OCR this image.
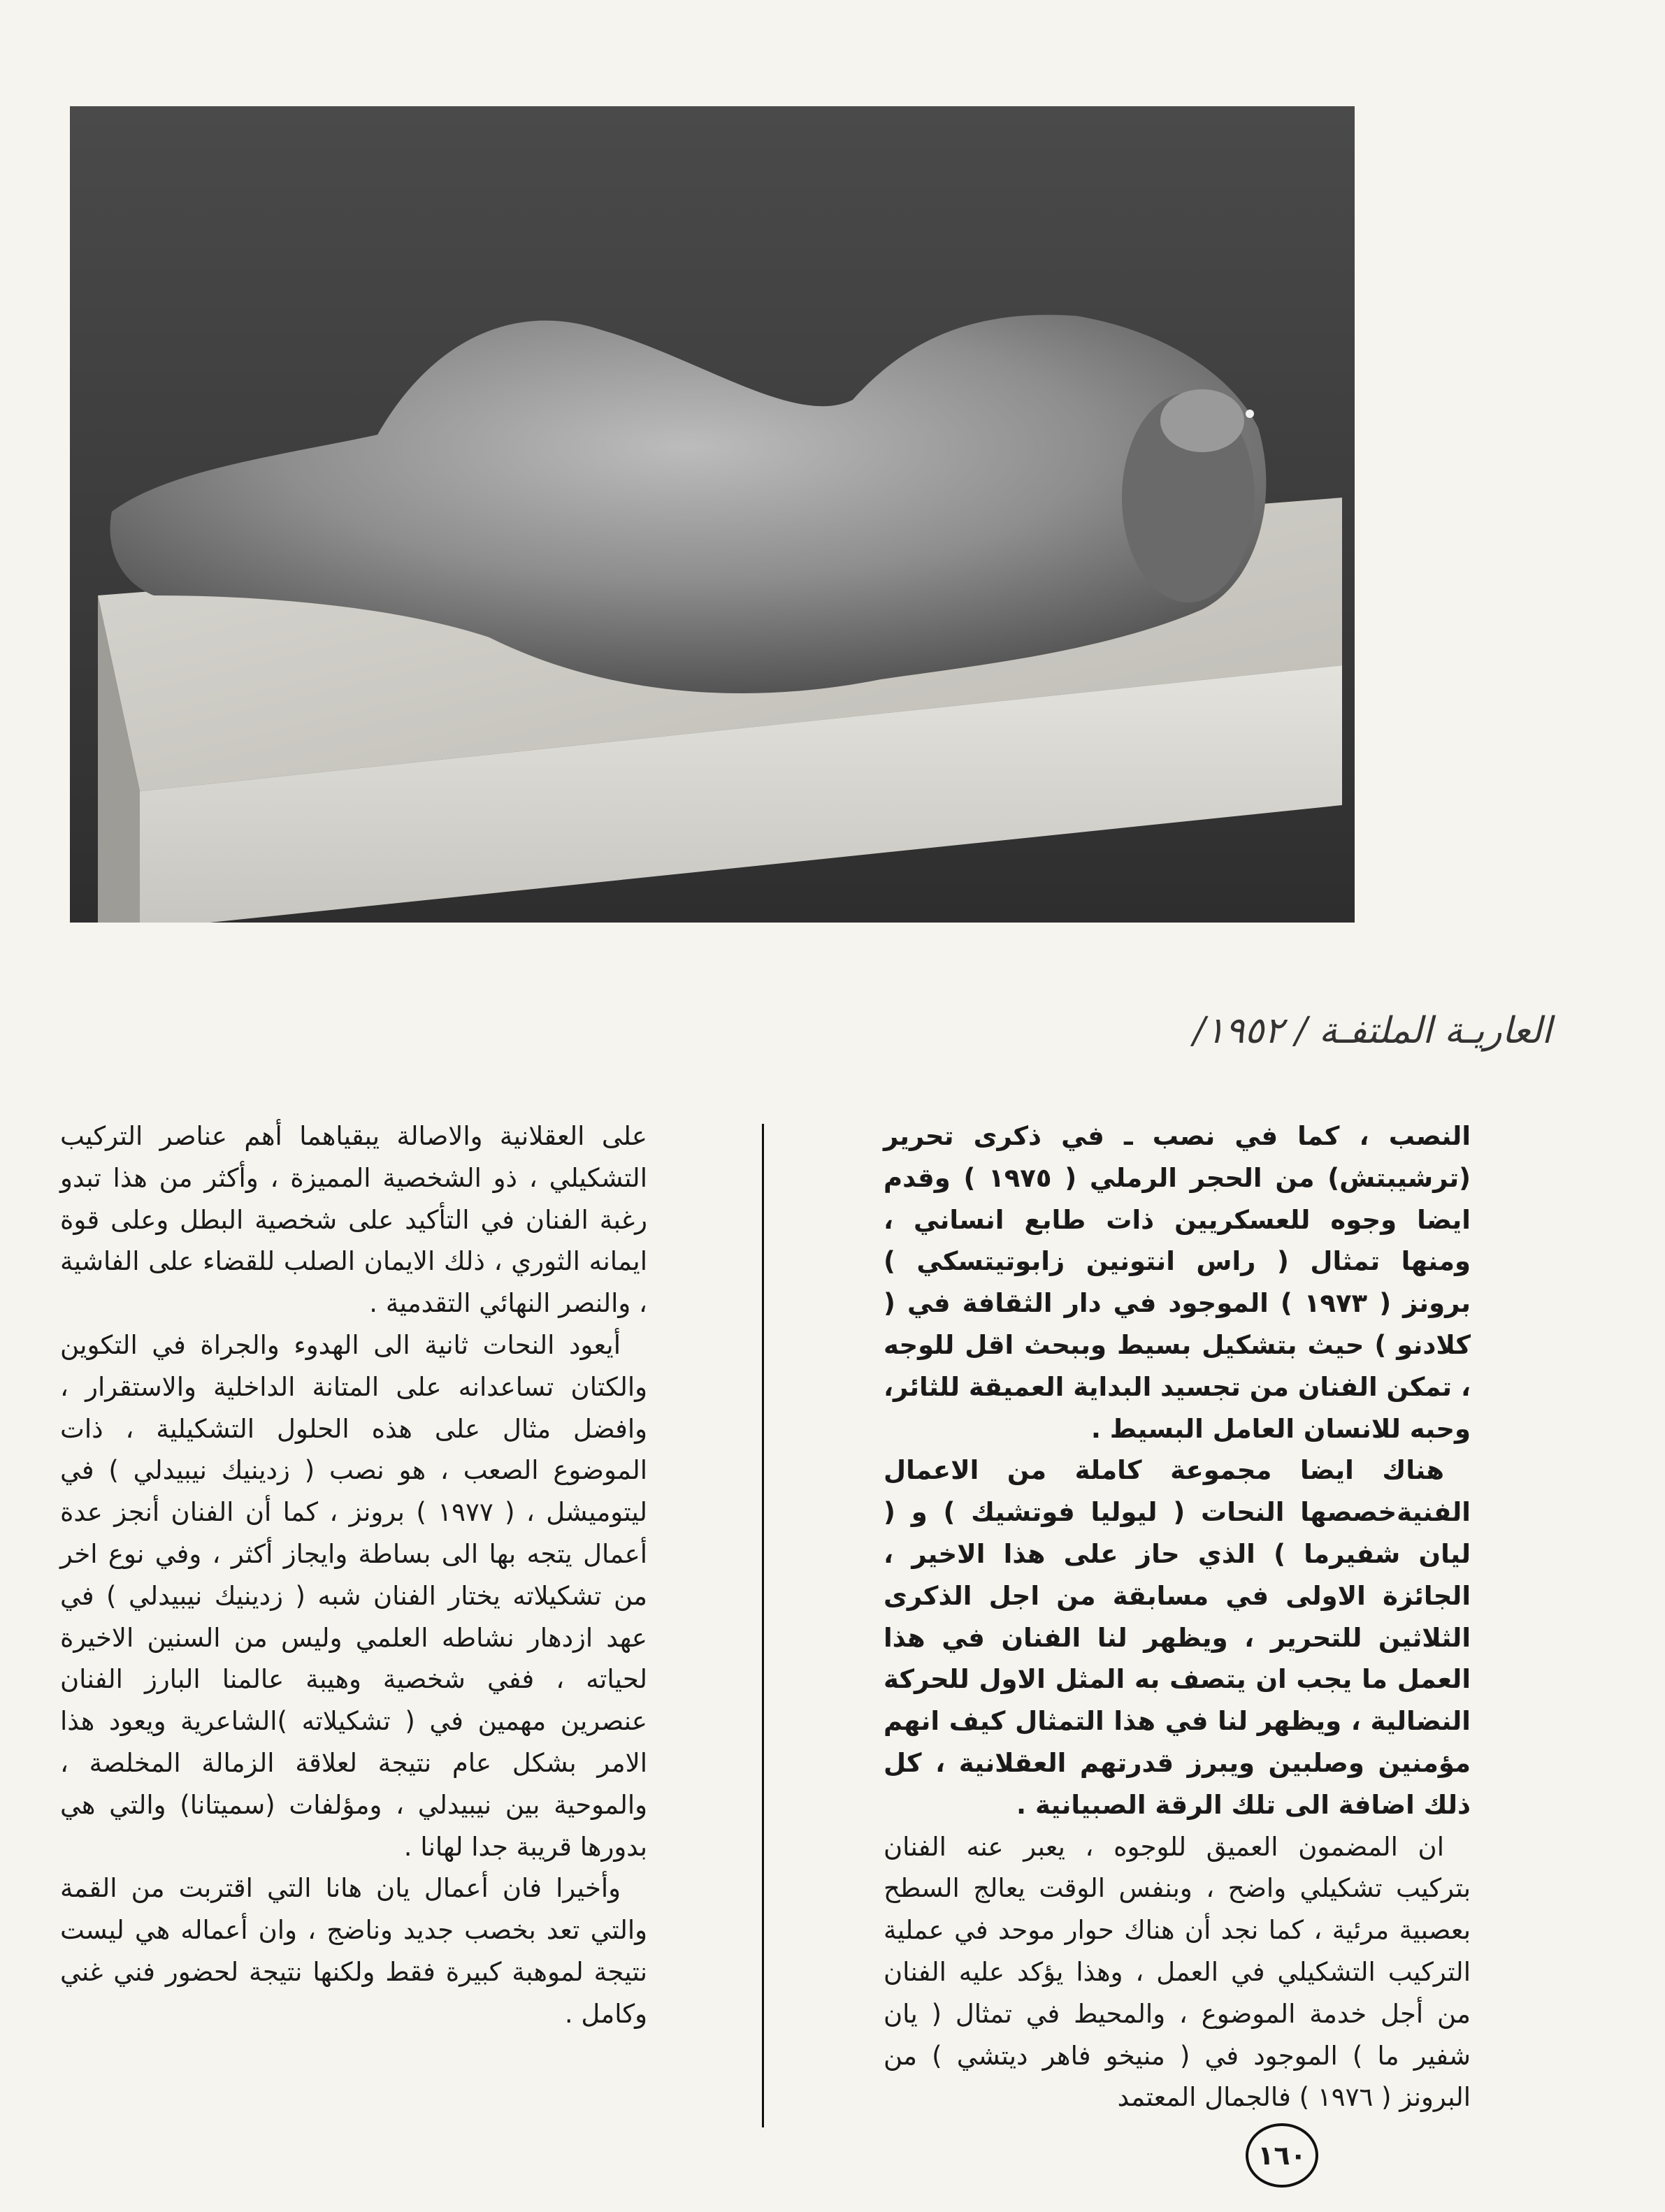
العاريـة الملتفـة / ١٩٥٢/

النصب ، كما في نصب ـ في ذكرى تحرير (ترشيبتش) من الحجر الرملي ( ١٩٧٥ ) وقدم ايضا وجوه للعسكريين ذات طابع انساني ، ومنها تمثال ( راس انتونين زابوتيتسكي ) برونز ( ١٩٧٣ ) الموجود في دار الثقافة في ( كلادنو ) حيث بتشكيل بسيط وببحث اقل للوجه ، تمكن الفنان من تجسيد البداية العميقة للثائر، وحبه للانسان العامل البسيط .

هناك ايضا مجموعة كاملة من الاعمال الفنيةخصصها النحات ( ليوليا فوتشيك ) و ( ليان شفيرما ) الذي حاز على هذا الاخير ، الجائزة الاولى في مسابقة من اجل الذكرى الثلاثين للتحرير ، ويظهر لنا الفنان في هذا العمل ما يجب ان يتصف به المثل الاول للحركة النضالية ، ويظهر لنا في هذا التمثال كيف انهم مؤمنين وصلبين ويبرز قدرتهم العقلانية ، كل ذلك اضافة الى تلك الرقة الصبيانية .

ان المضمون العميق للوجوه ، يعبر عنه الفنان بتركيب تشكيلي واضح ، وبنفس الوقت يعالج السطح بعصبية مرئية ، كما نجد أن هناك حوار موحد في عملية التركيب التشكيلي في العمل ، وهذا يؤكد عليه الفنان من أجل خدمة الموضوع ، والمحيط في تمثال ( يان شفير ما ) الموجود في ( منيخو فاهر ديتشي ) من البرونز ( ١٩٧٦ ) فالجمال المعتمد

على العقلانية والاصالة يبقياهما أهم عناصر التركيب التشكيلي ، ذو الشخصية المميزة ، وأكثر من هذا تبدو رغبة الفنان في التأكيد على شخصية البطل وعلى قوة ايمانه الثوري ، ذلك الايمان الصلب للقضاء على الفاشية ، والنصر النهائي التقدمية .

أيعود النحات ثانية الى الهدوء والجراة في التكوين والكتان تساعدانه على المتانة الداخلية والاستقرار ، وافضل مثال على هذه الحلول التشكيلية ، ذات الموضوع الصعب ، هو نصب ( زدينيك نيبيدلي ) في ليتوميشل ، ( ١٩٧٧ ) برونز ، كما أن الفنان أنجز عدة أعمال يتجه بها الى بساطة وايجاز أكثر ، وفي نوع اخر من تشكيلاته يختار الفنان شبه ( زدينيك نيبيدلي ) في عهد ازدهار نشاطه العلمي وليس من السنين الاخيرة لحياته ، ففي شخصية وهيبة عالمنا البارز الفنان عنصرين مهمين في ( تشكيلاته )الشاعرية ويعود هذا الامر بشكل عام نتيجة لعلاقة الزمالة المخلصة ، والموحية بين نيبيدلي ، ومؤلفات (سميتانا) والتي هي بدورها قريبة جدا لهانا .

وأخيرا فان أعمال يان هانا التي اقتربت من القمة والتي تعد بخصب جديد وناضج ، وان أعماله هي ليست نتيجة لموهبة كبيرة فقط ولكنها نتيجة لحضور فني غني وكامل .

١٦٠
